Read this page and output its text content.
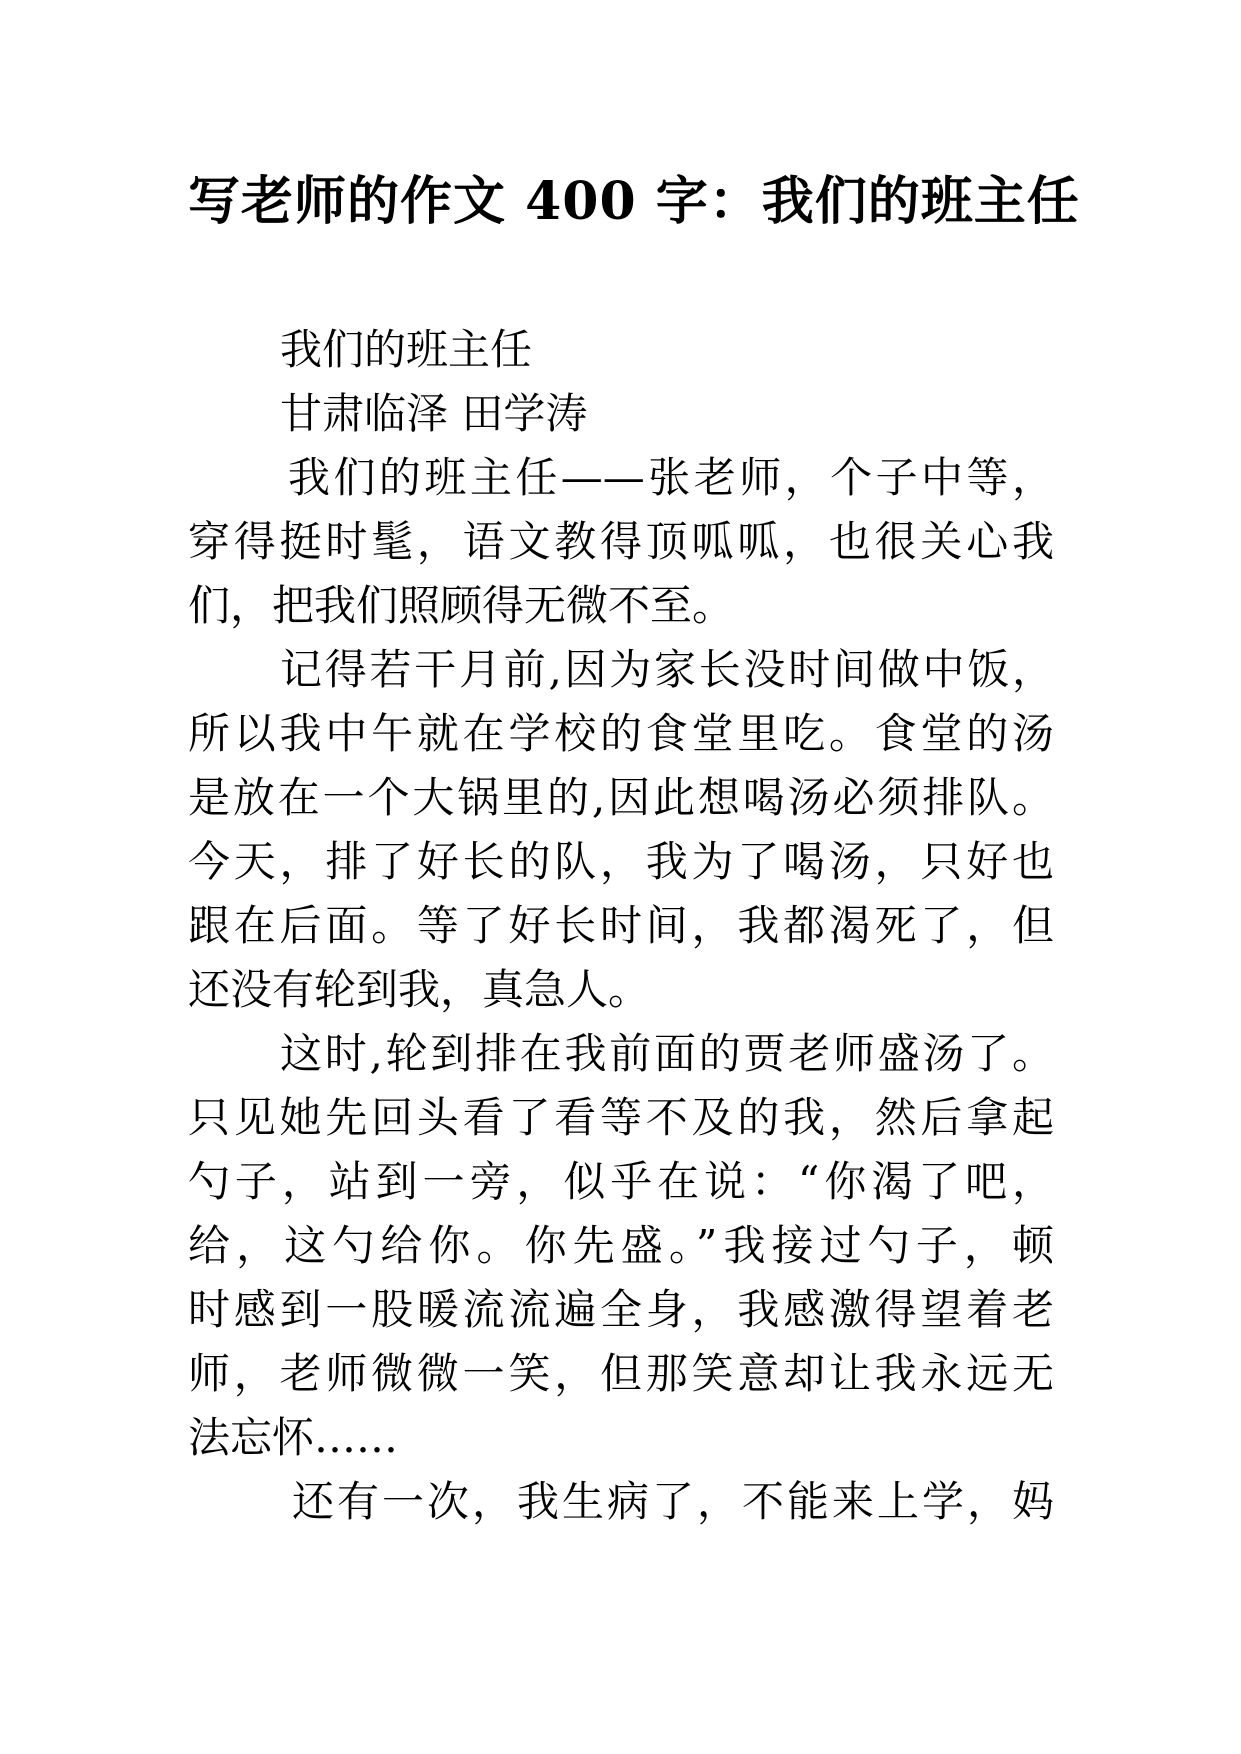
写老师的作文 400 字：我们的班主任
我们的班主任
甘肃临泽 田学涛
我们的班主任——张老师，个子中等，
穿得挺时髦，语文教得顶呱呱，也很关心我
们，把我们照顾得无微不至。
记得若干月前,因为家长没时间做中饭，
所以我中午就在学校的食堂里吃。食堂的汤
是放在一个大锅里的,因此想喝汤必须排队。
今天，排了好长的队，我为了喝汤，只好也
跟在后面。等了好长时间，我都渴死了，但
还没有轮到我，真急人。
这时,轮到排在我前面的贾老师盛汤了。
只见她先回头看了看等不及的我，然后拿起
勺子，站到一旁，似乎在说：“你渴了吧，
给，这勺给你。你先盛。”我接过勺子，顿
时感到一股暖流流遍全身，我感激得望着老
师，老师微微一笑，但那笑意却让我永远无
法忘怀……
还有一次，我生病了，不能来上学，妈
